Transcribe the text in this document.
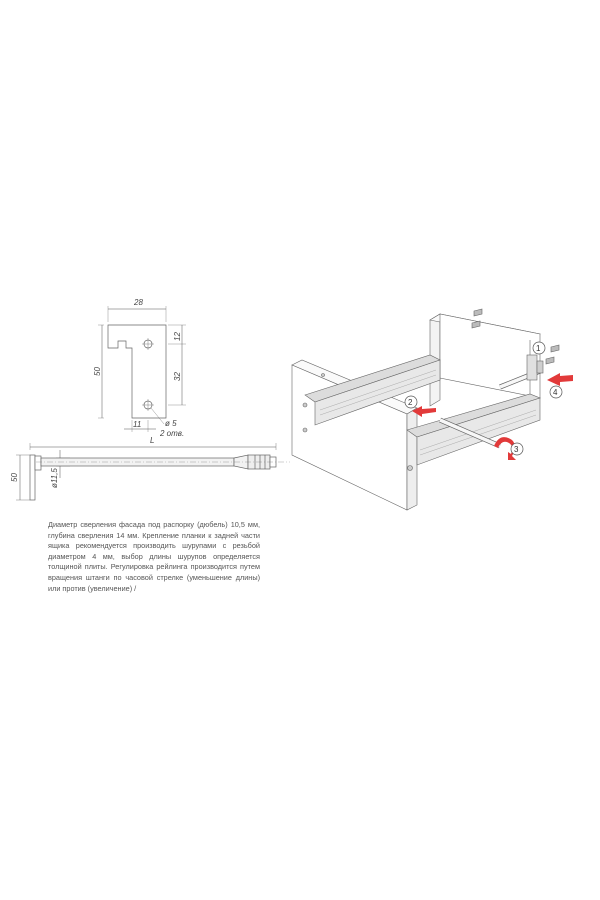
28
50
12
32
11	ø 5
2 отв.
L
50	ø11,5
1
2
3
4

Диаметр сверления фасада под распорку (дюбель) 10,5 мм, глубина сверления 14 мм. Крепление планки к задней части ящика рекомендуется производить шурупами с резьбой диаметром 4 мм, выбор длины шурупов определяется толщиной плиты. Регулировка рейлинга производится путем вращения штанги по часовой стрелке (уменьшение длины) или против (увеличение) /
